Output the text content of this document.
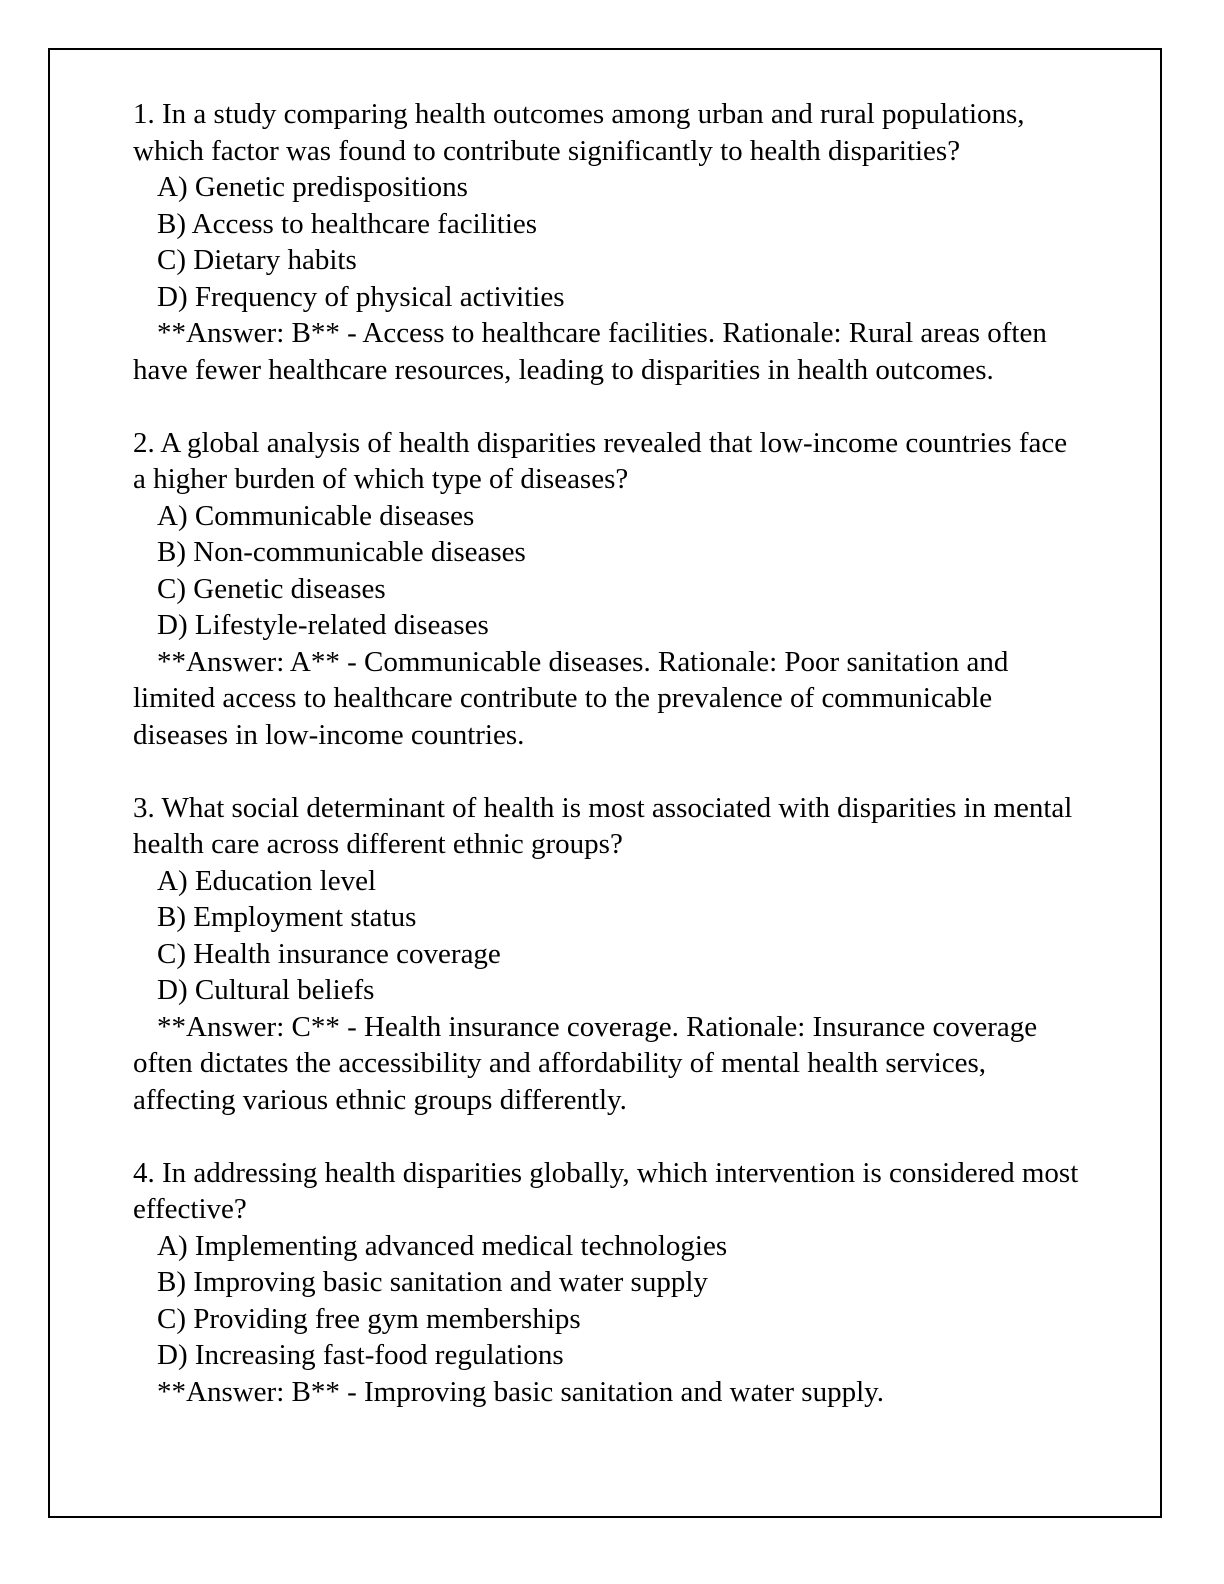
1. In a study comparing health outcomes among urban and rural populations, which factor was found to contribute significantly to health disparities?
A) Genetic predispositions
B) Access to healthcare facilities
C) Dietary habits
D) Frequency of physical activities
**Answer: B** - Access to healthcare facilities. Rationale: Rural areas often have fewer healthcare resources, leading to disparities in health outcomes.
2. A global analysis of health disparities revealed that low-income countries face a higher burden of which type of diseases?
A) Communicable diseases
B) Non-communicable diseases
C) Genetic diseases
D) Lifestyle-related diseases
**Answer: A** - Communicable diseases. Rationale: Poor sanitation and limited access to healthcare contribute to the prevalence of communicable diseases in low-income countries.
3. What social determinant of health is most associated with disparities in mental health care across different ethnic groups?
A) Education level
B) Employment status
C) Health insurance coverage
D) Cultural beliefs
**Answer: C** - Health insurance coverage. Rationale: Insurance coverage often dictates the accessibility and affordability of mental health services, affecting various ethnic groups differently.
4. In addressing health disparities globally, which intervention is considered most effective?
A) Implementing advanced medical technologies
B) Improving basic sanitation and water supply
C) Providing free gym memberships
D) Increasing fast-food regulations
**Answer: B** - Improving basic sanitation and water supply.
